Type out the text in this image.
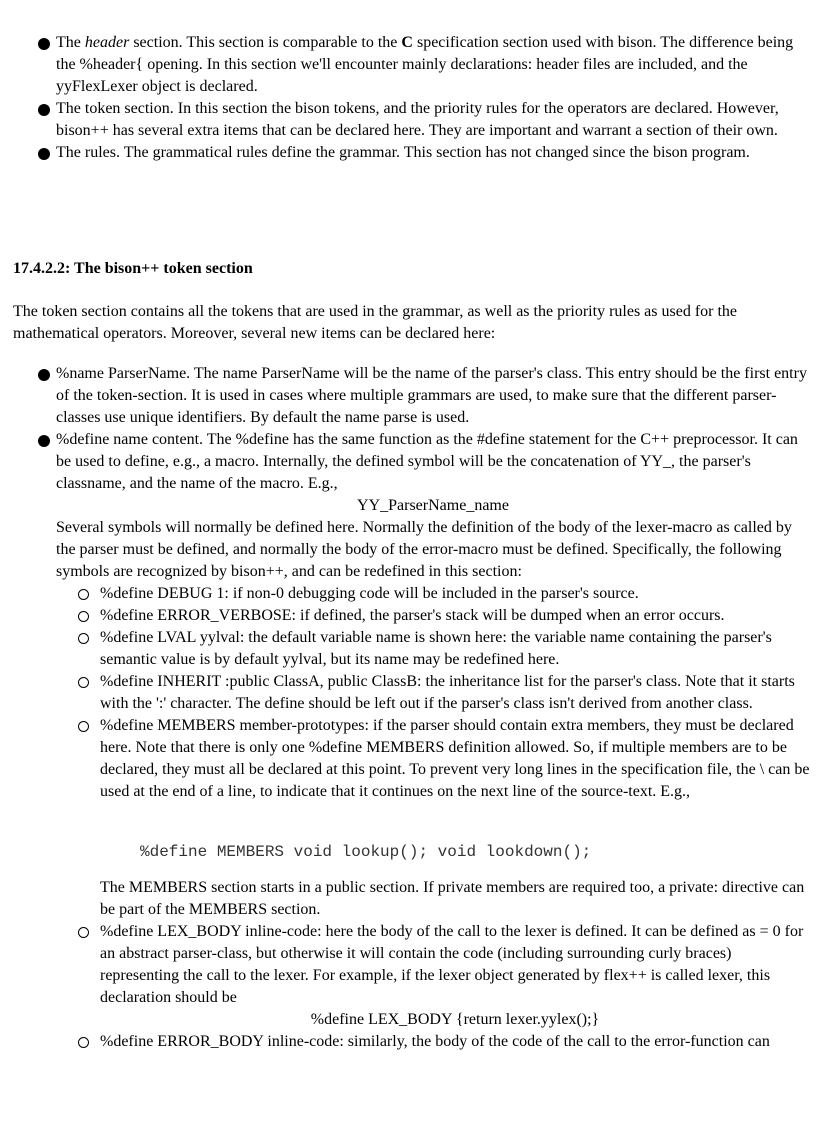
The header section. This section is comparable to the C specification section used with bison. The difference being the %header{ opening. In this section we'll encounter mainly declarations: header files are included, and the yyFlexLexer object is declared.
The token section. In this section the bison tokens, and the priority rules for the operators are declared. However, bison++ has several extra items that can be declared here. They are important and warrant a section of their own.
The rules. The grammatical rules define the grammar. This section has not changed since the bison program.
17.4.2.2: The bison++ token section
The token section contains all the tokens that are used in the grammar, as well as the priority rules as used for the mathematical operators. Moreover, several new items can be declared here:
%name ParserName. The name ParserName will be the name of the parser's class. This entry should be the first entry of the token-section. It is used in cases where multiple grammars are used, to make sure that the different parser-classes use unique identifiers. By default the name parse is used.
%define name content. The %define has the same function as the #define statement for the C++ preprocessor. It can be used to define, e.g., a macro. Internally, the defined symbol will be the concatenation of YY_, the parser's classname, and the name of the macro. E.g.,
YY_ParserName_name
Several symbols will normally be defined here. Normally the definition of the body of the lexer-macro as called by the parser must be defined, and normally the body of the error-macro must be defined. Specifically, the following symbols are recognized by bison++, and can be redefined in this section:
%define DEBUG 1: if non-0 debugging code will be included in the parser's source.
%define ERROR_VERBOSE: if defined, the parser's stack will be dumped when an error occurs.
%define LVAL yylval: the default variable name is shown here: the variable name containing the parser's semantic value is by default yylval, but its name may be redefined here.
%define INHERIT :public ClassA, public ClassB: the inheritance list for the parser's class. Note that it starts with the ':' character. The define should be left out if the parser's class isn't derived from another class.
%define MEMBERS member-prototypes: if the parser should contain extra members, they must be declared here. Note that there is only one %define MEMBERS definition allowed. So, if multiple members are to be declared, they must all be declared at this point. To prevent very long lines in the specification file, the \ can be used at the end of a line, to indicate that it continues on the next line of the source-text. E.g.,
%define MEMBERS void lookup(); void lookdown();
The MEMBERS section starts in a public section. If private members are required too, a private: directive can be part of the MEMBERS section.
%define LEX_BODY inline-code: here the body of the call to the lexer is defined. It can be defined as = 0 for an abstract parser-class, but otherwise it will contain the code (including surrounding curly braces) representing the call to the lexer. For example, if the lexer object generated by flex++ is called lexer, this declaration should be
%define LEX_BODY {return lexer.yylex();}
%define ERROR_BODY inline-code: similarly, the body of the code of the call to the error-function can
